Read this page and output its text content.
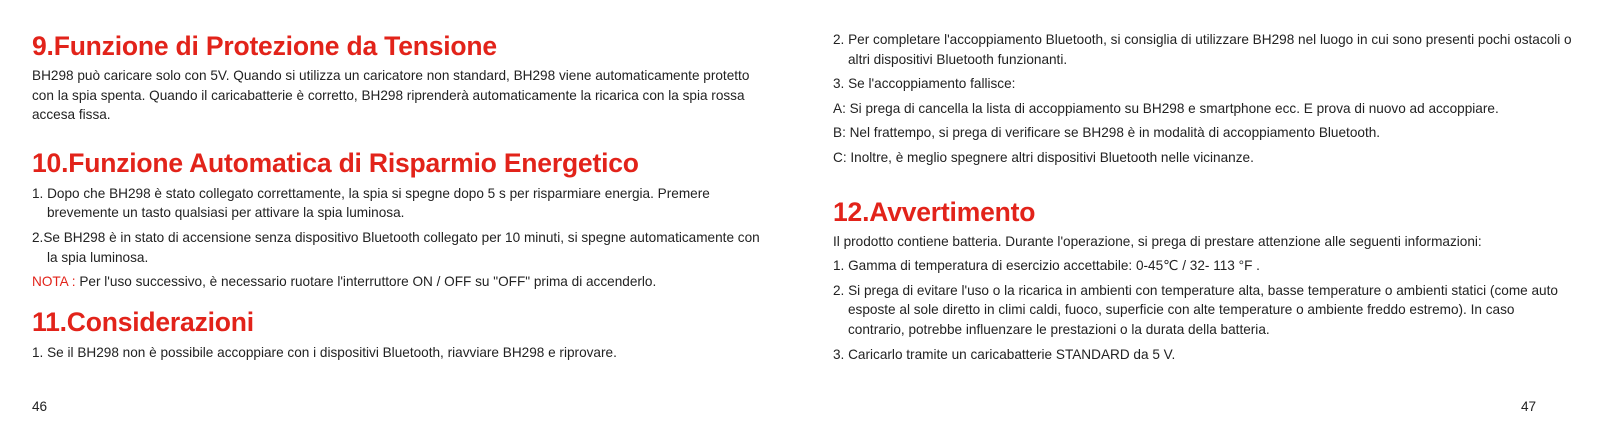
9.Funzione di Protezione da Tensione

BH298 può caricare solo con 5V. Quando si utilizza un caricatore non standard, BH298 viene automaticamente protetto con la spia spenta. Quando il caricabatterie è corretto, BH298 riprenderà automaticamente la ricarica con la spia rossa accesa fissa.

10.Funzione Automatica di Risparmio Energetico

1. Dopo che BH298 è stato collegato correttamente, la spia si spegne dopo 5 s per risparmiare energia. Premere brevemente un tasto qualsiasi per attivare la spia luminosa.

2.Se BH298 è in stato di accensione senza dispositivo Bluetooth collegato per 10 minuti, si spegne automaticamente con la spia luminosa.

NOTA : Per l'uso successivo, è necessario ruotare l'interruttore ON / OFF su "OFF" prima di accenderlo.

11.Considerazioni

1. Se il BH298 non è possibile accoppiare con i dispositivi Bluetooth, riavviare BH298 e riprovare.

46

2. Per completare l'accoppiamento Bluetooth, si consiglia di utilizzare BH298 nel luogo in cui sono presenti pochi ostacoli o altri dispositivi Bluetooth funzionanti.

3. Se l'accoppiamento fallisce:

A: Si prega di cancella la lista di accoppiamento su BH298 e smartphone ecc. E prova di nuovo ad accoppiare.

B: Nel frattempo, si prega di verificare se BH298 è in modalità di accoppiamento Bluetooth.

C: Inoltre, è meglio spegnere altri dispositivi Bluetooth nelle vicinanze.

12.Avvertimento

Il prodotto contiene batteria. Durante l'operazione, si prega di prestare attenzione alle seguenti informazioni:

1. Gamma di temperatura di esercizio accettabile: 0-45℃ / 32- 113 °F .

2. Si prega di evitare l'uso o la ricarica in ambienti con temperature alta, basse temperature o ambienti statici (come auto esposte al sole diretto in climi caldi, fuoco, superficie con alte temperature o ambiente freddo estremo). In caso contrario, potrebbe influenzare le prestazioni o la durata della batteria.

3. Caricarlo tramite un caricabatterie STANDARD da 5 V.

47
